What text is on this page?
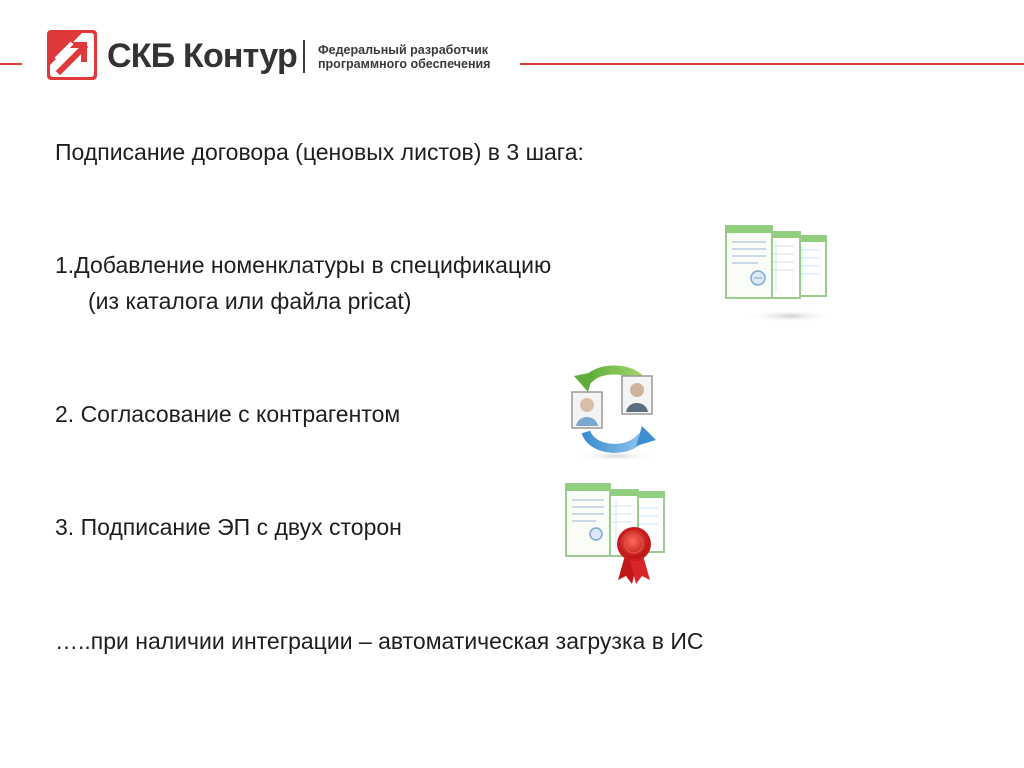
СКБ Контур Федеральный разработчик
программного обеспечения
Подписание договора (ценовых листов) в 3 шага:
1.Добавление номенклатуры в спецификацию
(из каталога или файла pricat)
2. Согласование с контрагентом
3. Подписание ЭП с двух сторон
…..при наличии интеграции – автоматическая загрузка в ИС
